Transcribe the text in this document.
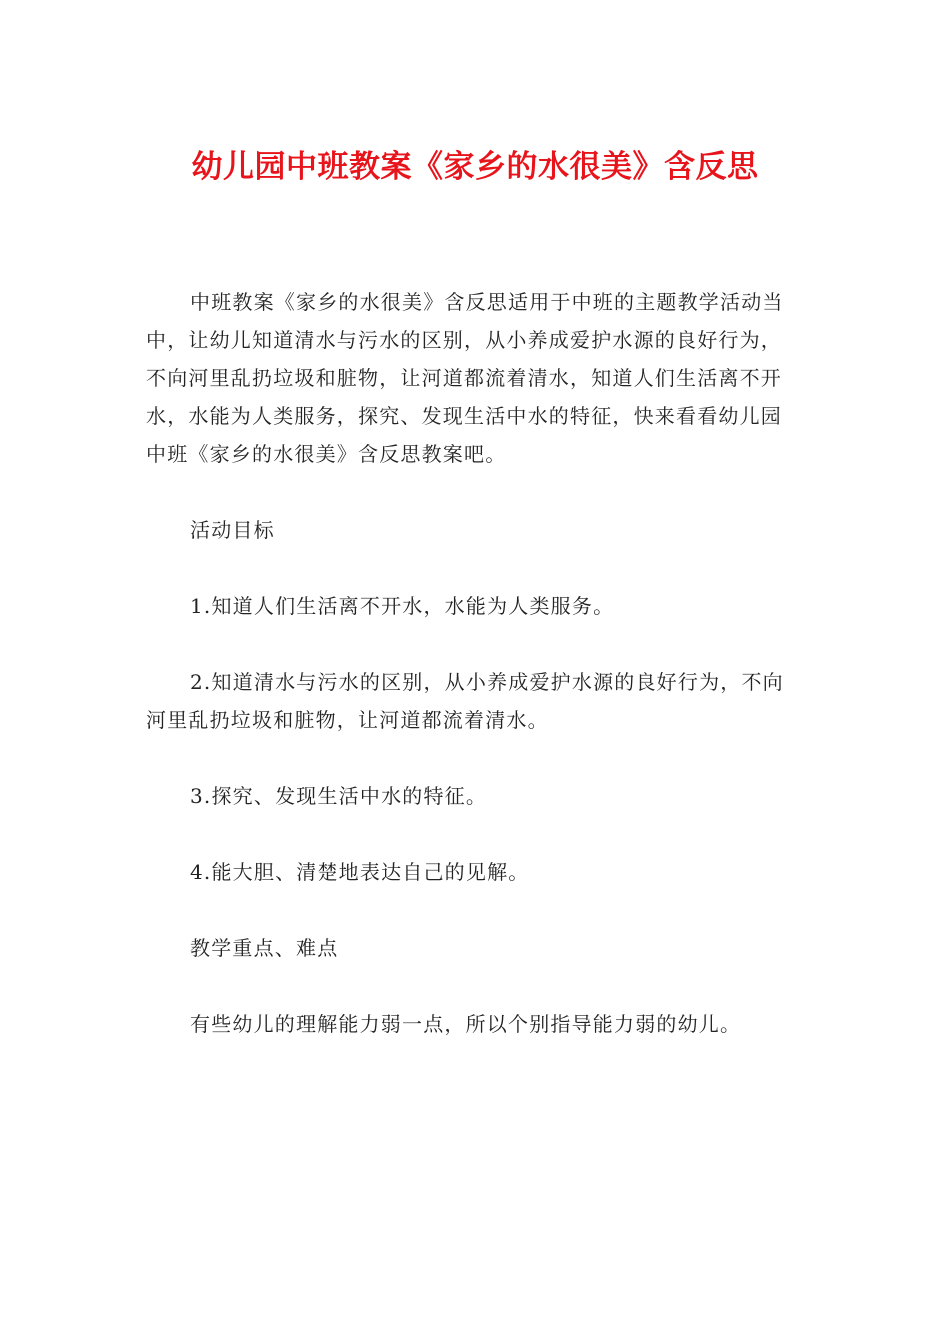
幼儿园中班教案《家乡的水很美》含反思

中班教案《家乡的水很美》含反思适用于中班的主题教学活动当中，让幼儿知道清水与污水的区别，从小养成爱护水源的良好行为，不向河里乱扔垃圾和脏物，让河道都流着清水，知道人们生活离不开水，水能为人类服务，探究、发现生活中水的特征，快来看看幼儿园中班《家乡的水很美》含反思教案吧。

活动目标

1.知道人们生活离不开水，水能为人类服务。

2.知道清水与污水的区别，从小养成爱护水源的良好行为，不向河里乱扔垃圾和脏物，让河道都流着清水。

3.探究、发现生活中水的特征。

4.能大胆、清楚地表达自己的见解。

教学重点、难点

有些幼儿的理解能力弱一点，所以个别指导能力弱的幼儿。
